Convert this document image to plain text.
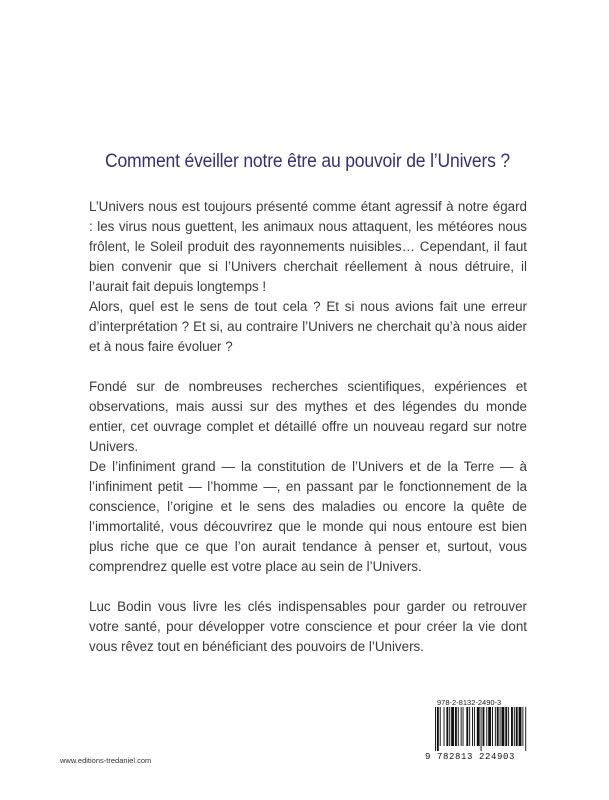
Comment éveiller notre être au pouvoir de l’Univers ?

L’Univers nous est toujours présenté comme étant agressif à notre égard : les virus nous guettent, les animaux nous attaquent, les météores nous frôlent, le Soleil produit des rayonnements nuisibles… Cependant, il faut bien convenir que si l’Univers cherchait réellement à nous détruire, il l’aurait fait depuis longtemps !

Alors, quel est le sens de tout cela ? Et si nous avions fait une erreur d’interprétation ? Et si, au contraire l’Univers ne cherchait qu’à nous aider et à nous faire évoluer ?

Fondé sur de nombreuses recherches scientifiques, expériences et observations, mais aussi sur des mythes et des légendes du monde entier, cet ouvrage complet et détaillé offre un nouveau regard sur notre Univers.

De l’infiniment grand — la constitution de l’Univers et de la Terre — à l’infiniment petit — l’homme —, en passant par le fonctionnement de la conscience, l’origine et le sens des maladies ou encore la quête de l’immortalité, vous découvrirez que le monde qui nous entoure est bien plus riche que ce que l’on aurait tendance à penser et, surtout, vous comprendrez quelle est votre place au sein de l’Univers.

Luc Bodin vous livre les clés indispensables pour garder ou retrouver votre santé, pour développer votre conscience et pour créer la vie dont vous rêvez tout en bénéficiant des pouvoirs de l’Univers.

978-2-8132-2490-3
9 782813 224903
www.editions-tredaniel.com
